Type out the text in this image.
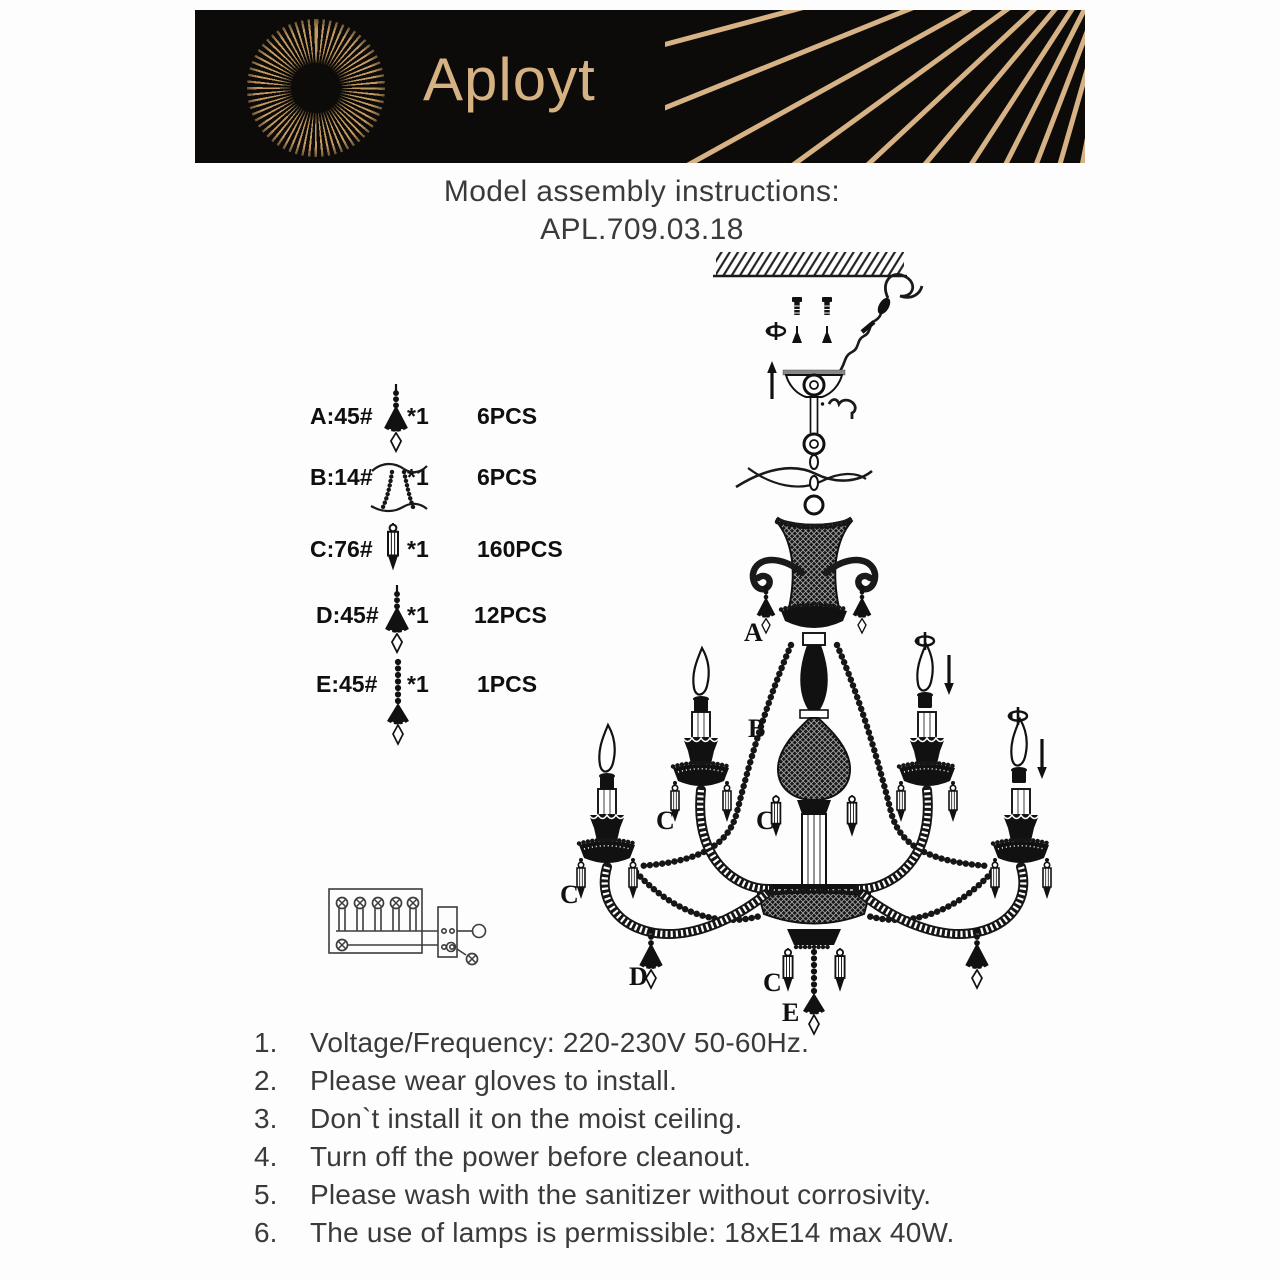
Aployt
Model assembly instructions:
APL.709.03.18
A:45# *1 6PCS
B:14# *1 6PCS
C:76# *1 160PCS
D:45# *1 12PCS
E:45# *1 1PCS
1. Voltage/Frequency: 220-230V 50-60Hz.
2. Please wear gloves to install.
3. Don`t install it on the moist ceiling.
4. Turn off the power before cleanout.
5. Please wash with the sanitizer without corrosivity.
6. The use of lamps is permissible: 18xE14 max 40W.
A
B
C
C
C
C
D
E
